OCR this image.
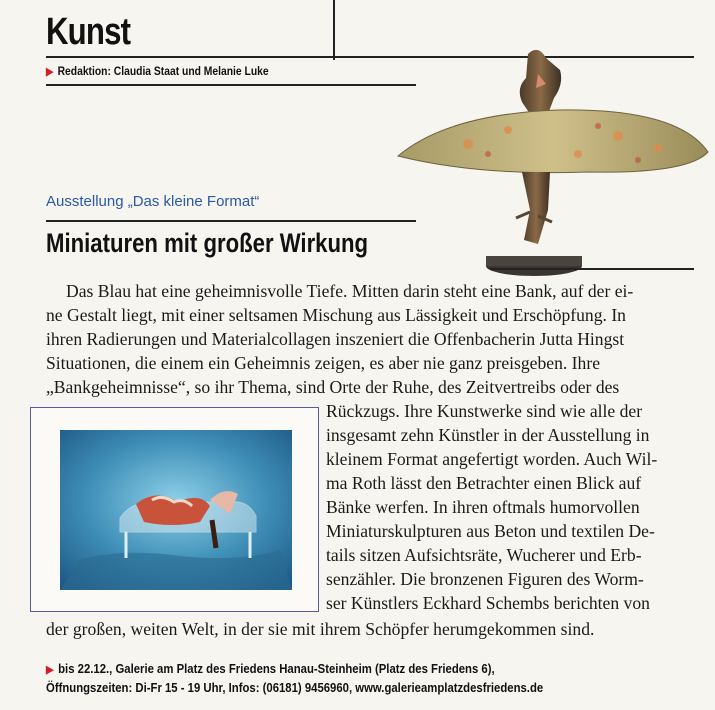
Kunst
▶ Redaktion: Claudia Staat und Melanie Luke
Ausstellung „Das kleine Format“
Miniaturen mit großer Wirkung
Das Blau hat eine geheimnisvolle Tiefe. Mitten darin steht eine Bank, auf der ei-
ne Gestalt liegt, mit einer seltsamen Mischung aus Lässigkeit und Erschöpfung. In
ihren Radierungen und Materialcollagen inszeniert die Offenbacherin Jutta Hingst
Situationen, die einem ein Geheimnis zeigen, es aber nie ganz preisgeben. Ihre
„Bankgeheimnisse“, so ihr Thema, sind Orte der Ruhe, des Zeitvertreibs oder des
Rückzugs. Ihre Kunstwerke sind wie alle der
insgesamt zehn Künstler in der Ausstellung in
kleinem Format angefertigt worden. Auch Wil-
ma Roth lässt den Betrachter einen Blick auf
Bänke werfen. In ihren oftmals humorvollen
Miniaturskulpturen aus Beton und textilen De-
tails sitzen Aufsichtsräte, Wucherer und Erb-
senzähler. Die bronzenen Figuren des Worm-
ser Künstlers Eckhard Schembs berichten von
der großen, weiten Welt, in der sie mit ihrem Schöpfer herumgekommen sind.
▶ bis 22.12., Galerie am Platz des Friedens Hanau-Steinheim (Platz des Friedens 6),
Öffnungszeiten: Di-Fr 15 - 19 Uhr, Infos: (06181) 9456960, www.galerieamplatzdesfriedens.de
